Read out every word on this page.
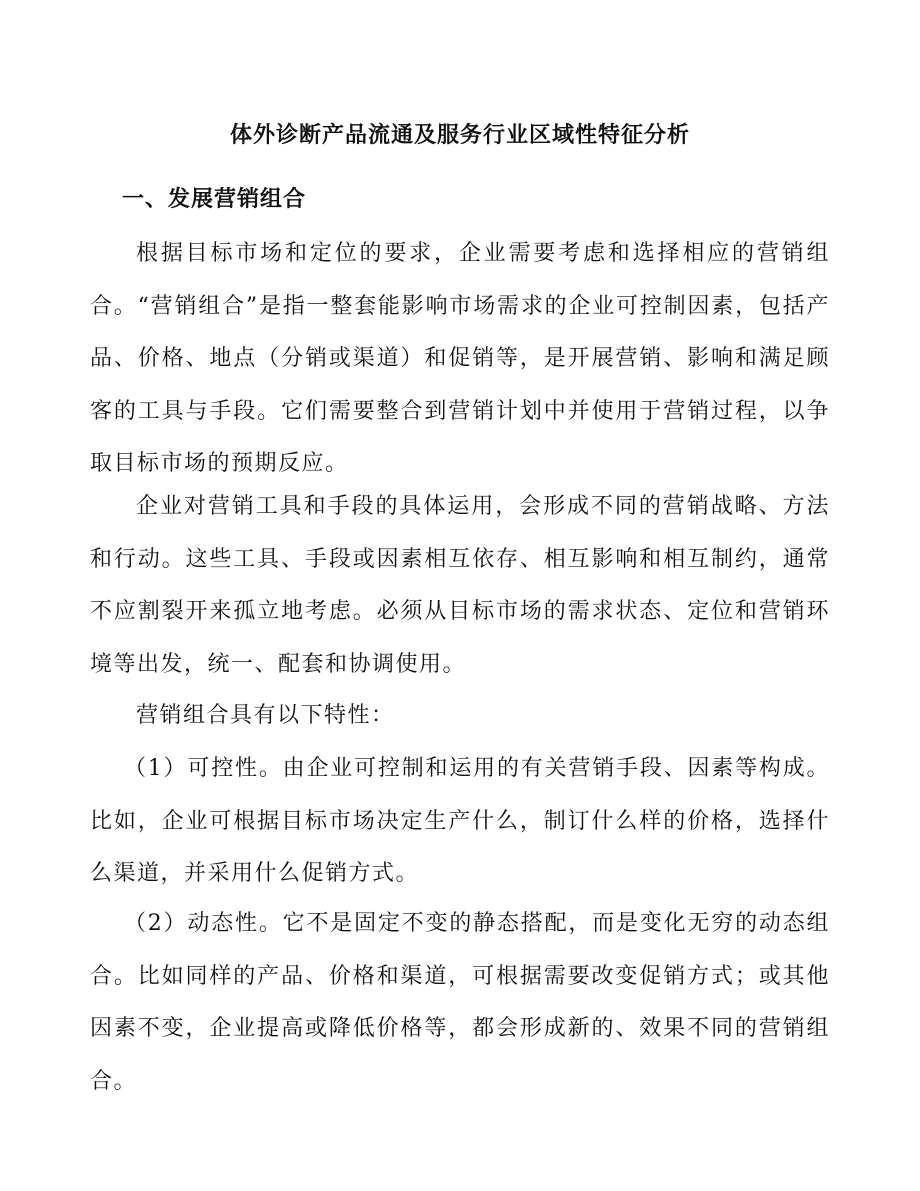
体外诊断产品流通及服务行业区域性特征分析
一、发展营销组合

根据目标市场和定位的要求，企业需要考虑和选择相应的营销组合。“营销组合”是指一整套能影响市场需求的企业可控制因素，包括产品、价格、地点（分销或渠道）和促销等，是开展营销、影响和满足顾客的工具与手段。它们需要整合到营销计划中并使用于营销过程，以争取目标市场的预期反应。

企业对营销工具和手段的具体运用，会形成不同的营销战略、方法和行动。这些工具、手段或因素相互依存、相互影响和相互制约，通常不应割裂开来孤立地考虑。必须从目标市场的需求状态、定位和营销环境等出发，统一、配套和协调使用。

营销组合具有以下特性：

（1）可控性。由企业可控制和运用的有关营销手段、因素等构成。比如，企业可根据目标市场决定生产什么，制订什么样的价格，选择什么渠道，并采用什么促销方式。

（2）动态性。它不是固定不变的静态搭配，而是变化无穷的动态组合。比如同样的产品、价格和渠道，可根据需要改变促销方式；或其他因素不变，企业提高或降低价格等，都会形成新的、效果不同的营销组合。
